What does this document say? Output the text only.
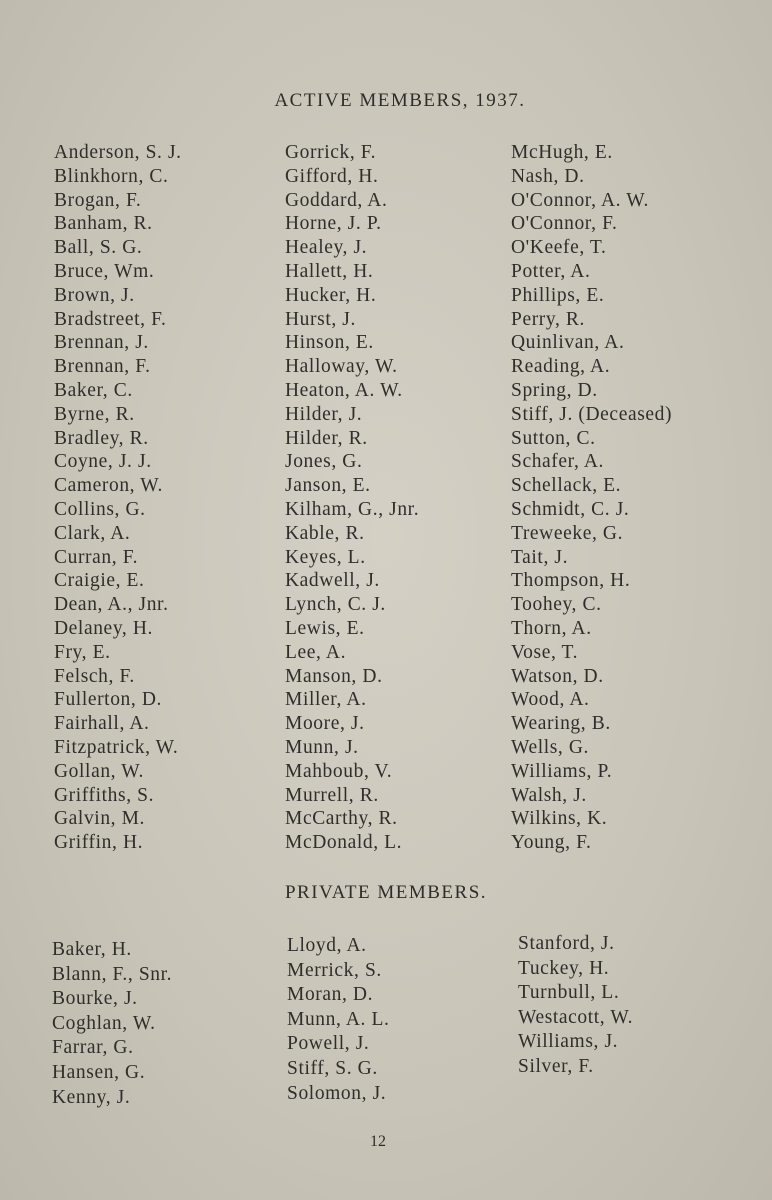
ACTIVE MEMBERS, 1937.
Anderson, S. J.
Blinkhorn, C.
Brogan, F.
Banham, R.
Ball, S. G.
Bruce, Wm.
Brown, J.
Bradstreet, F.
Brennan, J.
Brennan, F.
Baker, C.
Byrne, R.
Bradley, R.
Coyne, J. J.
Cameron, W.
Collins, G.
Clark, A.
Curran, F.
Craigie, E.
Dean, A., Jnr.
Delaney, H.
Fry, E.
Felsch, F.
Fullerton, D.
Fairhall, A.
Fitzpatrick, W.
Gollan, W.
Griffiths, S.
Galvin, M.
Griffin, H.
Gorrick, F.
Gifford, H.
Goddard, A.
Horne, J. P.
Healey, J.
Hallett, H.
Hucker, H.
Hurst, J.
Hinson, E.
Halloway, W.
Heaton, A. W.
Hilder, J.
Hilder, R.
Jones, G.
Janson, E.
Kilham, G., Jnr.
Kable, R.
Keyes, L.
Kadwell, J.
Lynch, C. J.
Lewis, E.
Lee, A.
Manson, D.
Miller, A.
Moore, J.
Munn, J.
Mahboub, V.
Murrell, R.
McCarthy, R.
McDonald, L.
McHugh, E.
Nash, D.
O'Connor, A. W.
O'Connor, F.
O'Keefe, T.
Potter, A.
Phillips, E.
Perry, R.
Quinlivan, A.
Reading, A.
Spring, D.
Stiff, J. (Deceased)
Sutton, C.
Schafer, A.
Schellack, E.
Schmidt, C. J.
Treweeke, G.
Tait, J.
Thompson, H.
Toohey, C.
Thorn, A.
Vose, T.
Watson, D.
Wood, A.
Wearing, B.
Wells, G.
Williams, P.
Walsh, J.
Wilkins, K.
Young, F.
PRIVATE MEMBERS.
Baker, H.
Blann, F., Snr.
Bourke, J.
Coghlan, W.
Farrar, G.
Hansen, G.
Kenny, J.
Lloyd, A.
Merrick, S.
Moran, D.
Munn, A. L.
Powell, J.
Stiff, S. G.
Solomon, J.
Stanford, J.
Tuckey, H.
Turnbull, L.
Westacott, W.
Williams, J.
Silver, F.
12
